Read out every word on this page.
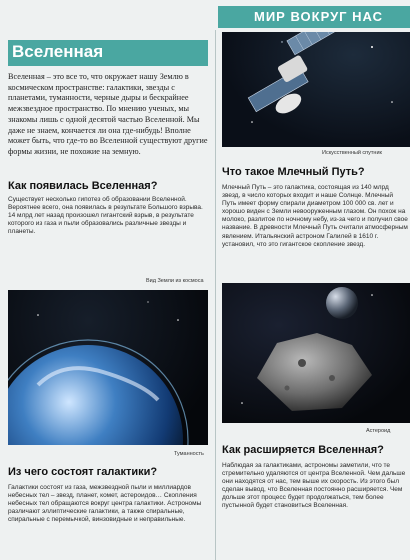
МИР ВОКРУГ НАС
Вселенная

Вселенная – это все то, что окружает нашу Землю в космическом пространстве: галактики, звезды с планетами, туманности, черные дыры и бескрайнее межзвездное пространство. По мнению ученых, мы знакомы лишь с одной десятой частью Вселенной. Мы даже не знаем, кончается ли она где-нибудь! Вполне может быть, что где-то во Вселенной существуют другие формы жизни, не похожие на земную.	Искусственный спутник
Как появилась Вселенная?

Существует несколько гипотез об образовании Вселенной. Вероятнее всего, она появилась в результате Большого взрыва. 14 млрд лет назад произошел гигантский взрыв, в результате которого из газа и пыли образовались различные звезды и планеты.

Вид Земли из космоса
Туманность
Из чего состоят галактики?

Галактики состоят из газа, межзвездной пыли и миллиардов небесных тел – звезд, планет, комет, астероидов… Скопления небесных тел обращаются вокруг центра галактики. Астрономы различают эллиптические галактики, а также спиральные, спиральные с перемычкой, винзовидные и неправильные.

Что такое Млечный Путь?

Млечный Путь – это галактика, состоящая из 140 млрд звезд, в число которых входит и наше Солнце. Млечный Путь имеет форму спирали диаметром 100 000 св. лет и хорошо виден с Земли невооруженным глазом. Он похож на молоко, разлитое по ночному небу, из-за чего и получил свое название. В древности Млечный Путь считали атмосферным явлением. Итальянский астроном Галилей в 1610 г. установил, что это гигантское скопление звезд.

Астероид
Как расширяется Вселенная?

Наблюдая за галактиками, астрономы заметили, что те стремительно удаляются от центра Вселенной. Чем дальше они находятся от нас, тем выше их скорость. Из этого был сделан вывод, что Вселенная постоянно расширяется. Чем дольше этот процесс будет продолжаться, тем более пустынной будет становиться Вселенная.
